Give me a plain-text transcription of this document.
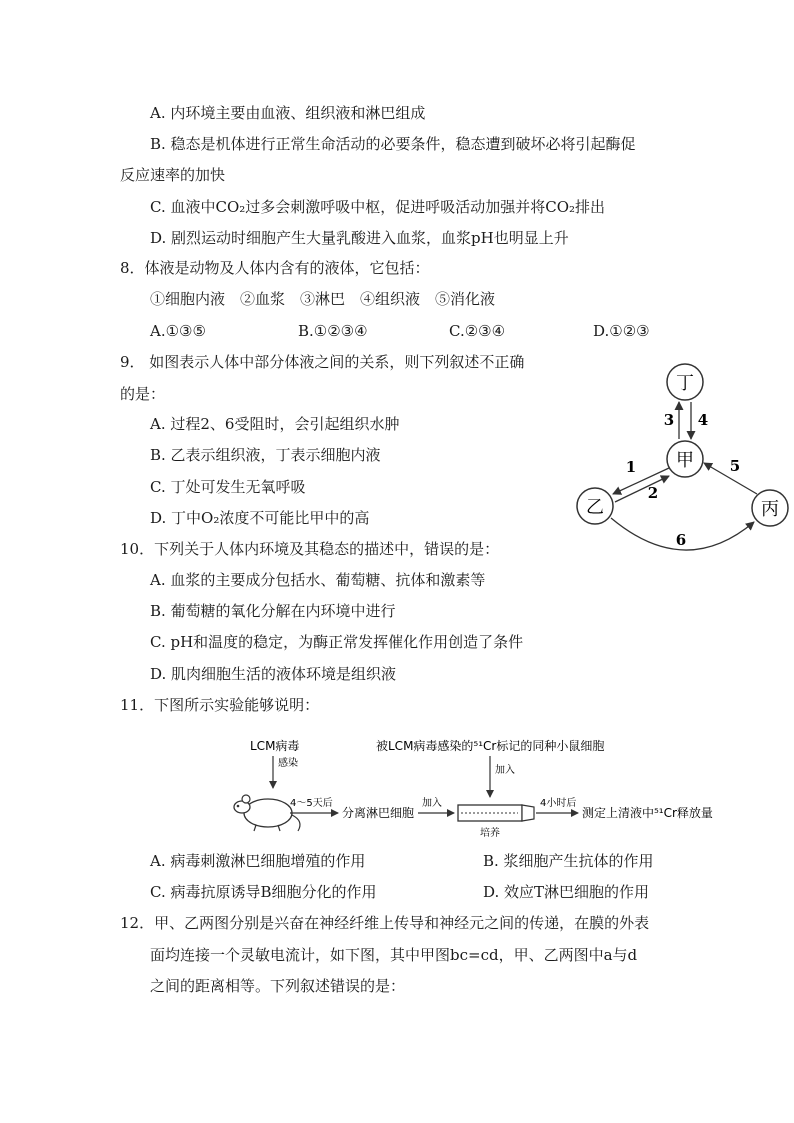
A. 内环境主要由血液、组织液和淋巴组成
B. 稳态是机体进行正常生命活动的必要条件，稳态遭到破坏必将引起酶促
反应速率的加快
C. 血液中CO₂过多会刺激呼吸中枢，促进呼吸活动加强并将CO₂排出
D. 剧烈运动时细胞产生大量乳酸进入血浆，血浆pH也明显上升
8．体液是动物及人体内含有的液体，它包括：
①细胞内液　②血浆　③淋巴　④组织液　⑤消化液
A.①③⑤	B.①②③④	C.②③④	D.①②③
9． 如图表示人体中部分体液之间的关系，则下列叙述不正确
的是：
A. 过程2、6受阻时，会引起组织水肿
B. 乙表示组织液，丁表示细胞内液
C. 丁处可发生无氧呼吸
D. 丁中O₂浓度不可能比甲中的高
丁
甲
乙	丙
3 4
1
2
5
6
10．下列关于人体内环境及其稳态的描述中，错误的是：
A. 血浆的主要成分包括水、葡萄糖、抗体和激素等
B. 葡萄糖的氧化分解在内环境中进行
C. pH和温度的稳定，为酶正常发挥催化作用创造了条件
D. 肌肉细胞生活的液体环境是组织液
11．下图所示实验能够说明：
LCM病毒
感染
被LCM病毒感染的⁵¹Cr标记的同种小鼠细胞
加入
4～5天后
分离淋巴细胞
加入
培养
4小时后
测定上清液中⁵¹Cr释放量
A. 病毒刺激淋巴细胞增殖的作用	B. 浆细胞产生抗体的作用
C. 病毒抗原诱导B细胞分化的作用	D. 效应T淋巴细胞的作用
12．甲、乙两图分别是兴奋在神经纤维上传导和神经元之间的传递，在膜的外表
面均连接一个灵敏电流计，如下图，其中甲图bc=cd，甲、乙两图中a与d
之间的距离相等。下列叙述错误的是：
